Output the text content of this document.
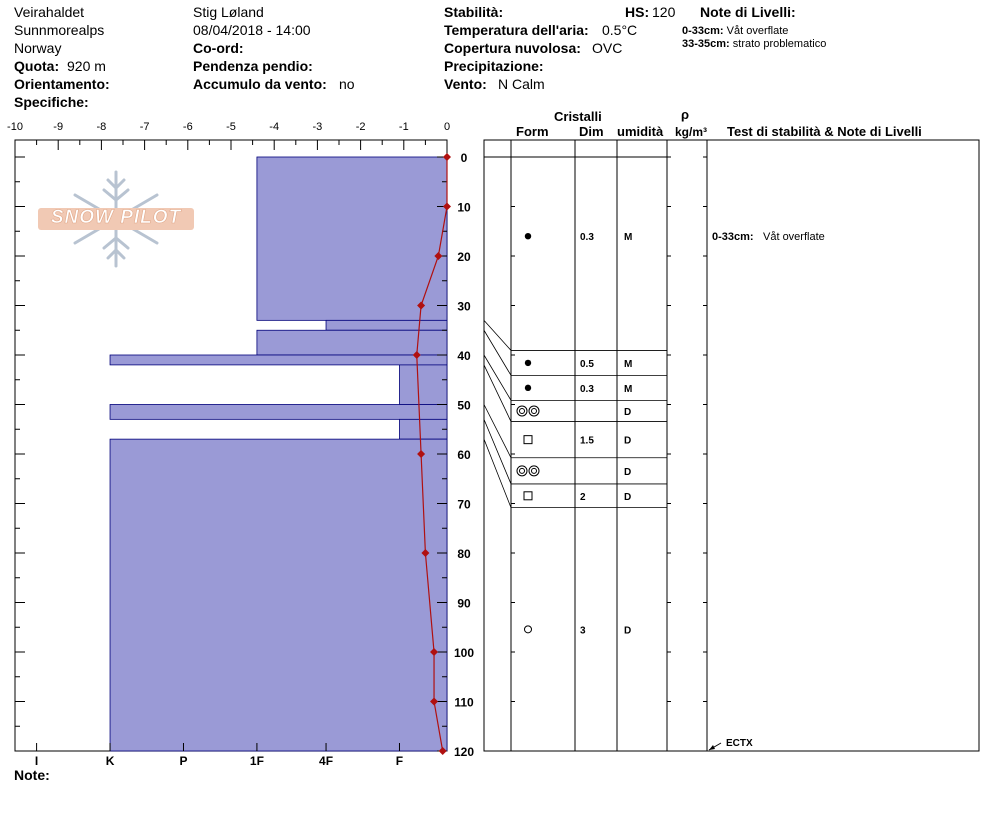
Veirahaldet
Sunnmorealps
Norway
Quota: 920 m
Orientamento:
Specifiche:
Stig Løland
08/04/2018 - 14:00
Co-ord:
Pendenza pendio:
Accumulo da vento: no
Stabilità:	HS: 120
Temperatura dell'aria: 0.5°C
Copertura nuvolosa: OVC
Precipitazione:
Vento: N Calm
Note di Livelli:
0-33cm: Våt overflate
33-35cm: strato problematico
Cristalli
Form Dim umidità
ρ
kg/m³ Test di stabilità & Note di Livelli
SNOW PILOT
Note:
-10	-9	-8	-7	-6	-5	-4	-3	-2	-1	0
I	K	P	1F	4F	F
0
10
20
30
40
50
60
70
80
90
100
110
120
0.3	M
0.5	M
0.3	M
D
1.5	D
D
2	D
3	D
0-33cm: Våt overflate
ECTX
